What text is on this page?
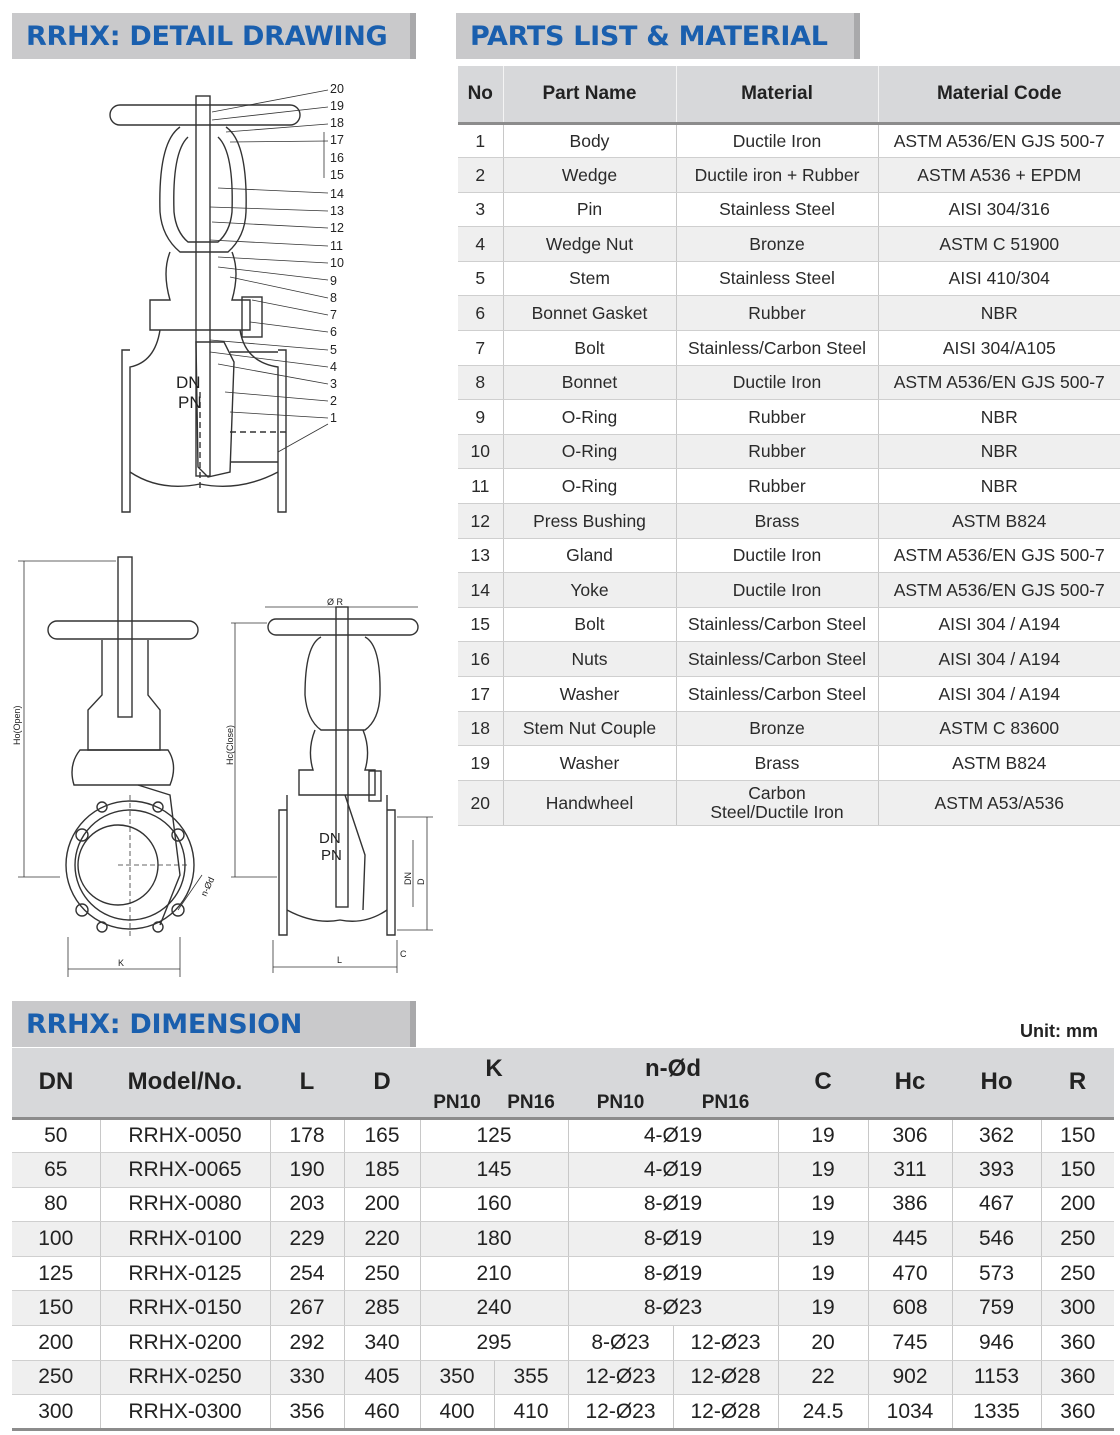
RRHX: DETAIL DRAWING	PARTS LIST & MATERIAL
RRHX: DIMENSION
20
19
18
17
16
15
14
13
12
11
10
9
8
7
6
5
4
3
2
1
DN
PN
Ho(Open)
K
n-Ød
Ø R
Hc(Close)
L
C
D
DN
DN
PN
No	Part Name	Material	Material Code
1	Body	Ductile Iron	ASTM A536/EN GJS 500-7
2	Wedge	Ductile iron + Rubber	ASTM A536 + EPDM
3	Pin	Stainless Steel	AISI 304/316
4	Wedge Nut	Bronze	ASTM C 51900
5	Stem	Stainless Steel	AISI 410/304
6	Bonnet Gasket	Rubber	NBR
7	Bolt	Stainless/Carbon Steel	AISI 304/A105
8	Bonnet	Ductile Iron	ASTM A536/EN GJS 500-7
9	O-Ring	Rubber	NBR
10	O-Ring	Rubber	NBR
11	O-Ring	Rubber	NBR
12	Press Bushing	Brass	ASTM B824
13	Gland	Ductile Iron	ASTM A536/EN GJS 500-7
14	Yoke	Ductile Iron	ASTM A536/EN GJS 500-7
15	Bolt	Stainless/Carbon Steel	AISI 304 / A194
16	Nuts	Stainless/Carbon Steel	AISI 304 / A194
17	Washer	Stainless/Carbon Steel	AISI 304 / A194
18	Stem Nut Couple	Bronze	ASTM C 83600
19	Washer	Brass	ASTM B824
20	Handwheel	Carbon Steel/Ductile Iron	ASTM A53/A536
Unit: mm
DN	Model/No.	L	D	K		n-Ød		C	Hc	Ho	R
				PN10	PN16	PN10	PN16				
50	RRHX-0050	178	165	125		4-Ø19		19	306	362	150
65	RRHX-0065	190	185	145		4-Ø19		19	311	393	150
80	RRHX-0080	203	200	160		8-Ø19		19	386	467	200
100	RRHX-0100	229	220	180		8-Ø19		19	445	546	250
125	RRHX-0125	254	250	210		8-Ø19		19	470	573	250
150	RRHX-0150	267	285	240		8-Ø23		19	608	759	300
200	RRHX-0200	292	340	295		8-Ø23	12-Ø23	20	745	946	360
250	RRHX-0250	330	405	350	355	12-Ø23	12-Ø28	22	902	1153	360
300	RRHX-0300	356	460	400	410	12-Ø23	12-Ø28	24.5	1034	1335	360
